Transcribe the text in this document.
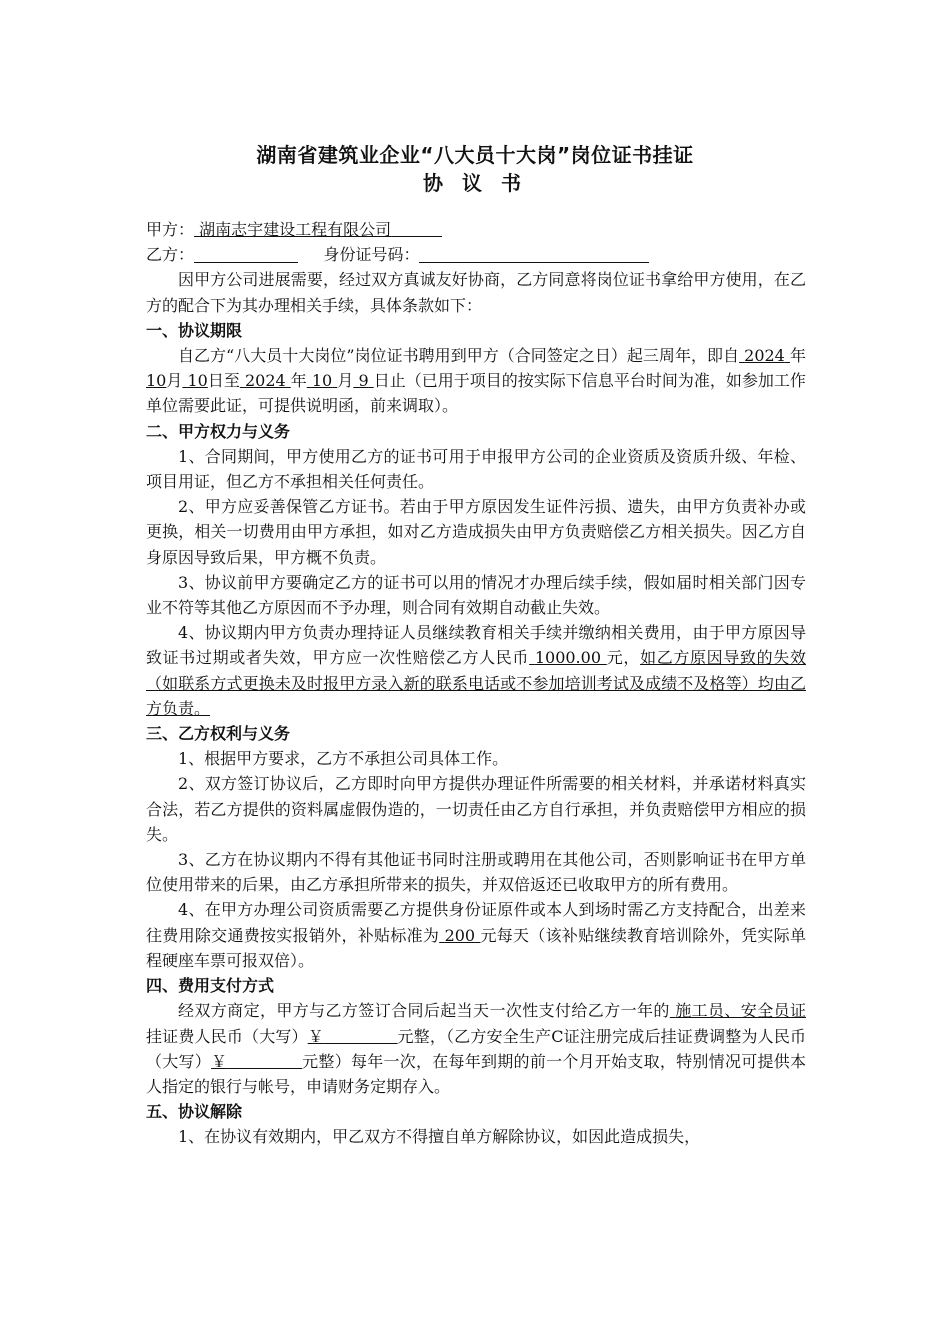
湖南省建筑业企业“八大员十大岗”岗位证书挂证
协 议 书

甲方： 湖南志宇建设工程有限公司

乙方：	身份证号码：

因甲方公司进展需要，经过双方真诚友好协商，乙方同意将岗位证书拿给甲方使用，在乙方的配合下为其办理相关手续，具体条款如下：

一、协议期限

自乙方“八大员十大岗位”岗位证书聘用到甲方（合同签定之日）起三周年，即自 2024 年10月 10日至 2024 年 10 月 9 日止（已用于项目的按实际下信息平台时间为准，如参加工作单位需要此证，可提供说明函，前来调取）。

二、甲方权力与义务

1、合同期间，甲方使用乙方的证书可用于申报甲方公司的企业资质及资质升级、年检、项目用证，但乙方不承担相关任何责任。

2、甲方应妥善保管乙方证书。若由于甲方原因发生证件污损、遗失，由甲方负责补办或更换，相关一切费用由甲方承担，如对乙方造成损失由甲方负责赔偿乙方相关损失。因乙方自身原因导致后果，甲方概不负责。

3、协议前甲方要确定乙方的证书可以用的情况才办理后续手续，假如届时相关部门因专业不符等其他乙方原因而不予办理，则合同有效期自动截止失效。

4、协议期内甲方负责办理持证人员继续教育相关手续并缴纳相关费用，由于甲方原因导致证书过期或者失效，甲方应一次性赔偿乙方人民币 1000.00 元，如乙方原因导致的失效（如联系方式更换未及时报甲方录入新的联系电话或不参加培训考试及成绩不及格等）均由乙方负责。

三、乙方权利与义务

1、根据甲方要求，乙方不承担公司具体工作。

2、双方签订协议后，乙方即时向甲方提供办理证件所需要的相关材料，并承诺材料真实合法，若乙方提供的资料属虚假伪造的，一切责任由乙方自行承担，并负责赔偿甲方相应的损失。

3、乙方在协议期内不得有其他证书同时注册或聘用在其他公司，否则影响证书在甲方单位使用带来的后果，由乙方承担所带来的损失，并双倍返还已收取甲方的所有费用。

4、在甲方办理公司资质需要乙方提供身份证原件或本人到场时需乙方支持配合，出差来往费用除交通费按实报销外，补贴标准为 200 元每天（该补贴继续教育培训除外，凭实际单程硬座车票可报双倍）。

四、费用支付方式

经双方商定，甲方与乙方签订合同后起当天一次性支付给乙方一年的 施工员、安全员证挂证费人民币（大写）￥	元整，（乙方安全生产C证注册完成后挂证费调整为人民币（大写）￥	元整）每年一次，在每年到期的前一个月开始支取，特别情况可提供本人指定的银行与帐号，申请财务定期存入。

五、协议解除

1、在协议有效期内，甲乙双方不得擅自单方解除协议，如因此造成损失，
